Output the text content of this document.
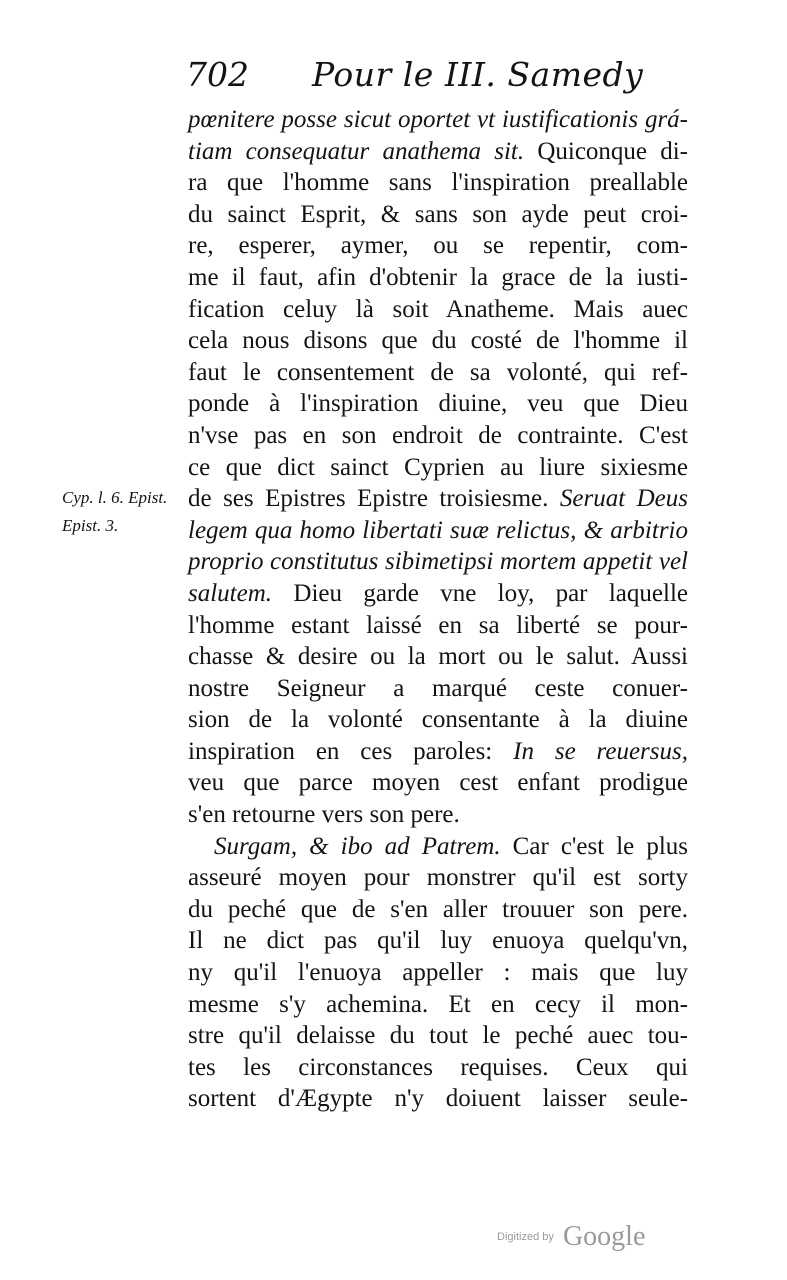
702 Pour le III. Samedy
pœnitere posse sicut oportet vt iustificationis grá-
tiam consequatur anathema sit. Quiconque di-
ra que l'homme sans l'inspiration preallable
du sainct Esprit, & sans son ayde peut croi-
re, esperer, aymer, ou se repentir, com-
me il faut, afin d'obtenir la grace de la iusti-
fication celuy là soit Anatheme. Mais auec
cela nous disons que du costé de l'homme il
faut le consentement de sa volonté, qui ref-
ponde à l'inspiration diuine, veu que Dieu
n'vse pas en son endroit de contrainte. C'est
ce que dict sainct Cyprien au liure sixiesme
de ses Epistres Epistre troisiesme. Seruat Deus
legem qua homo libertati suæ relictus, & arbitrio
proprio constitutus sibimetipsi mortem appetit vel
salutem. Dieu garde vne loy, par laquelle
l'homme estant laissé en sa liberté se pour-
chasse & desire ou la mort ou le salut. Aussi
nostre Seigneur a marqué ceste conuer-
sion de la volonté consentante à la diuine
inspiration en ces paroles: In se reuersus,
veu que parce moyen cest enfant prodigue
s'en retourne vers son pere.
Surgam, & ibo ad Patrem. Car c'est le plus
asseuré moyen pour monstrer qu'il est sorty
du peché que de s'en aller trouuer son pere.
Il ne dict pas qu'il luy enuoya quelqu'vn,
ny qu'il l'enuoya appeller : mais que luy
mesme s'y achemina. Et en cecy il mon-
stre qu'il delaisse du tout le peché auec tou-
tes les circonstances requises. Ceux qui
sortent d'Ægypte n'y doiuent laisser seule-
Cyp. l. 6. Epist.
Epist. 3.
Digitized by Google
